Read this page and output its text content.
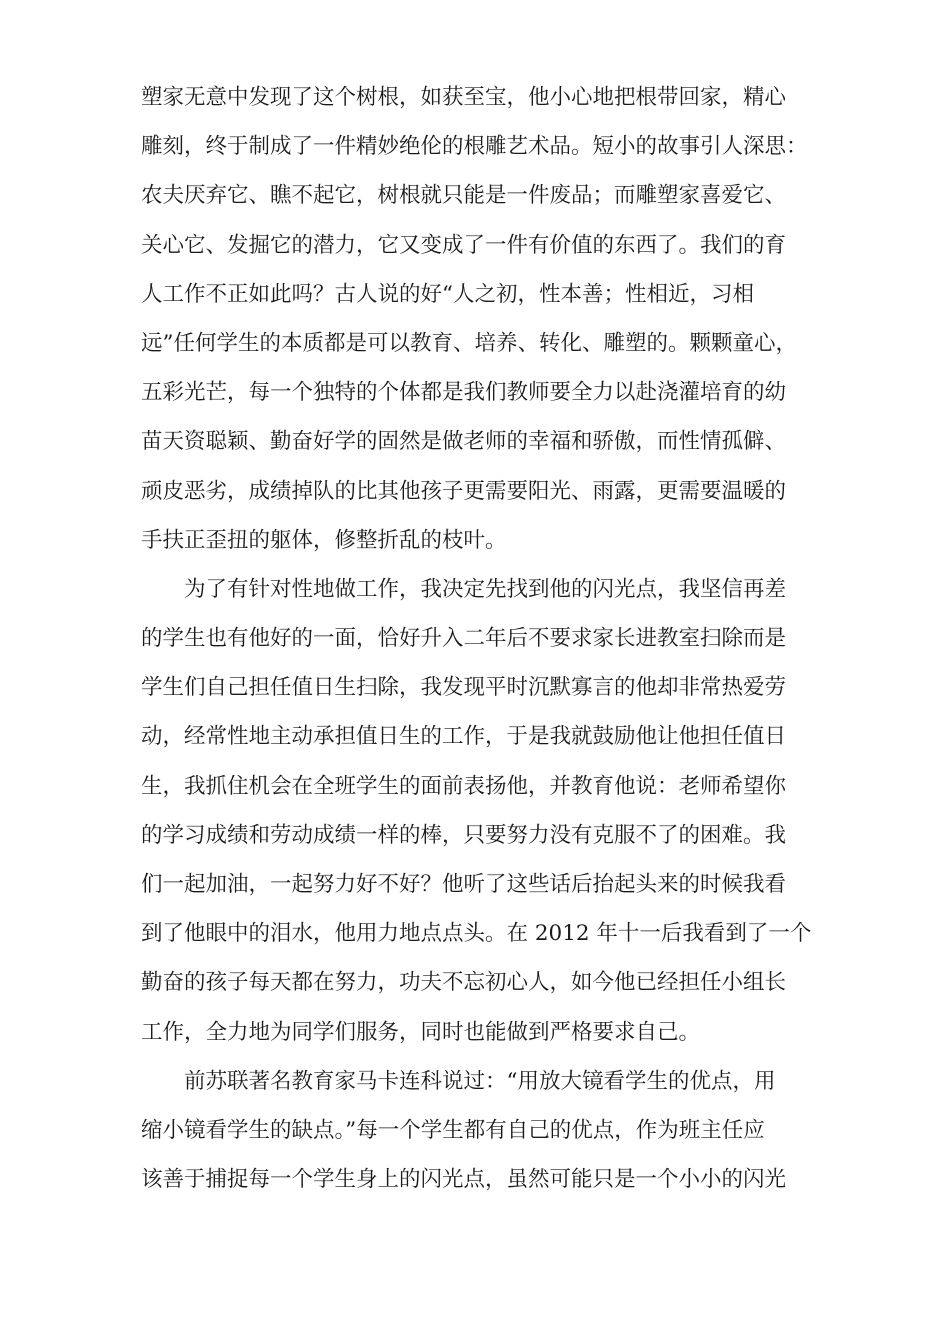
塑家无意中发现了这个树根，如获至宝，他小心地把根带回家，精心
雕刻，终于制成了一件精妙绝伦的根雕艺术品。短小的故事引人深思：
农夫厌弃它、瞧不起它，树根就只能是一件废品；而雕塑家喜爱它、
关心它、发掘它的潜力，它又变成了一件有价值的东西了。我们的育
人工作不正如此吗？古人说的好“人之初，性本善；性相近，习相
远”任何学生的本质都是可以教育、培养、转化、雕塑的。颗颗童心，
五彩光芒，每一个独特的个体都是我们教师要全力以赴浇灌培育的幼
苗天资聪颖、勤奋好学的固然是做老师的幸福和骄傲，而性情孤僻、
顽皮恶劣，成绩掉队的比其他孩子更需要阳光、雨露，更需要温暖的
手扶正歪扭的躯体，修整折乱的枝叶。
为了有针对性地做工作，我决定先找到他的闪光点，我坚信再差
的学生也有他好的一面，恰好升入二年后不要求家长进教室扫除而是
学生们自己担任值日生扫除，我发现平时沉默寡言的他却非常热爱劳
动，经常性地主动承担值日生的工作，于是我就鼓励他让他担任值日
生，我抓住机会在全班学生的面前表扬他，并教育他说：老师希望你
的学习成绩和劳动成绩一样的棒，只要努力没有克服不了的困难。我
们一起加油，一起努力好不好？他听了这些话后抬起头来的时候我看
到了他眼中的泪水，他用力地点点头。在 2012 年十一后我看到了一个
勤奋的孩子每天都在努力，功夫不忘初心人，如今他已经担任小组长
工作，全力地为同学们服务，同时也能做到严格要求自己。
前苏联著名教育家马卡连科说过：“用放大镜看学生的优点，用
缩小镜看学生的缺点。”每一个学生都有自己的优点，作为班主任应
该善于捕捉每一个学生身上的闪光点，虽然可能只是一个小小的闪光
